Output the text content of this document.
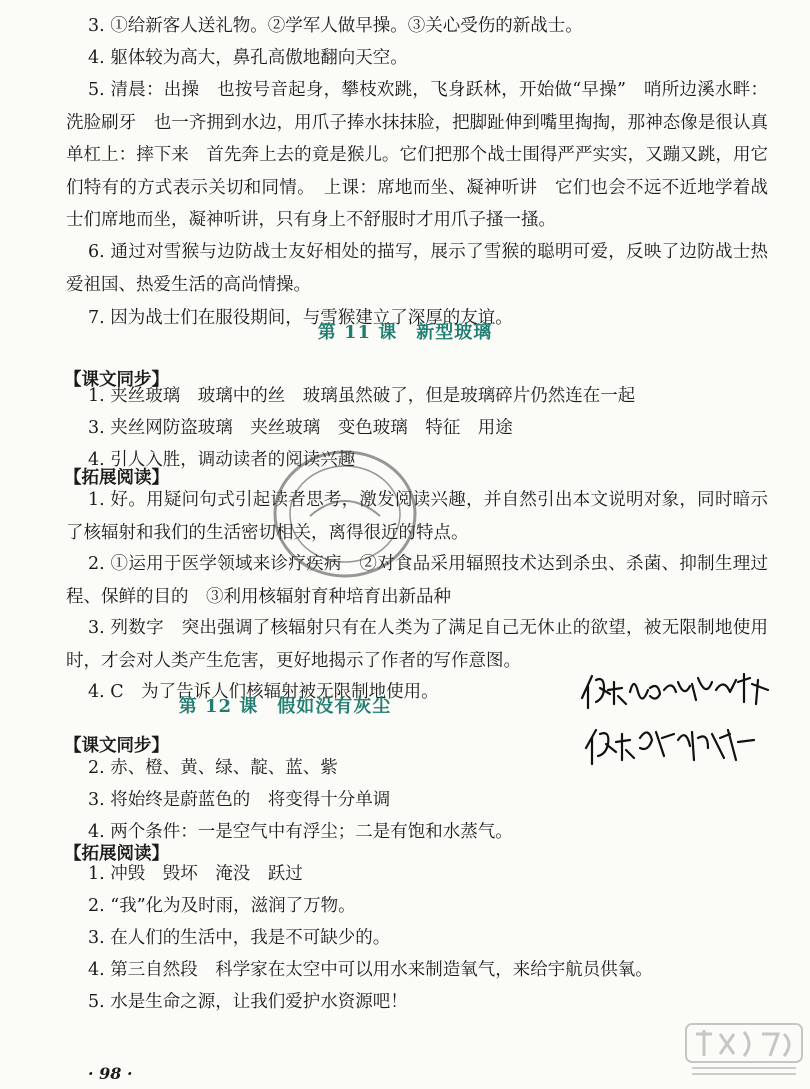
3. ①给新客人送礼物。②学军人做早操。③关心受伤的新战士。

4. 躯体较为高大，鼻孔高傲地翻向天空。

5. 清晨：出操　也按号音起身，攀枝欢跳，飞身跃林，开始做“早操”　哨所边溪水畔：洗脸刷牙　也一齐拥到水边，用爪子捧水抹抹脸，把脚趾伸到嘴里掏掏，那神态像是很认真　单杠上：摔下来　首先奔上去的竟是猴儿。它们把那个战士围得严严实实，又蹦又跳，用它们特有的方式表示关切和同情。　上课：席地而坐、凝神听讲　它们也会不远不近地学着战士们席地而坐，凝神听讲，只有身上不舒服时才用爪子搔一搔。

6. 通过对雪猴与边防战士友好相处的描写，展示了雪猴的聪明可爱，反映了边防战士热爱祖国、热爱生活的高尚情操。

7. 因为战士们在服役期间，与雪猴建立了深厚的友谊。

第 11 课　新型玻璃
【课文同步】

1. 夹丝玻璃　玻璃中的丝　玻璃虽然破了，但是玻璃碎片仍然连在一起

3. 夹丝网防盗玻璃　夹丝玻璃　变色玻璃　特征　用途

4. 引人入胜，调动读者的阅读兴趣

【拓展阅读】

1. 好。用疑问句式引起读者思考，激发阅读兴趣，并自然引出本文说明对象，同时暗示了核辐射和我们的生活密切相关，离得很近的特点。

2. ①运用于医学领域来诊疗疾病　②对食品采用辐照技术达到杀虫、杀菌、抑制生理过程、保鲜的目的　③利用核辐射育种培育出新品种

3. 列数字　突出强调了核辐射只有在人类为了满足自己无休止的欲望，被无限制地使用时，才会对人类产生危害，更好地揭示了作者的写作意图。

4. C　为了告诉人们核辐射被无限制地使用。

第 12 课　假如没有灰尘
【课文同步】

2. 赤、橙、黄、绿、靛、蓝、紫

3. 将始终是蔚蓝色的　将变得十分单调

4. 两个条件：一是空气中有浮尘；二是有饱和水蒸气。

【拓展阅读】

1. 冲毁　毁坏　淹没　跃过

2. “我”化为及时雨，滋润了万物。

3. 在人们的生活中，我是不可缺少的。

4. 第三自然段　科学家在太空中可以用水来制造氧气，来给宇航员供氧。

5. 水是生命之源，让我们爱护水资源吧！

· 98 ·
